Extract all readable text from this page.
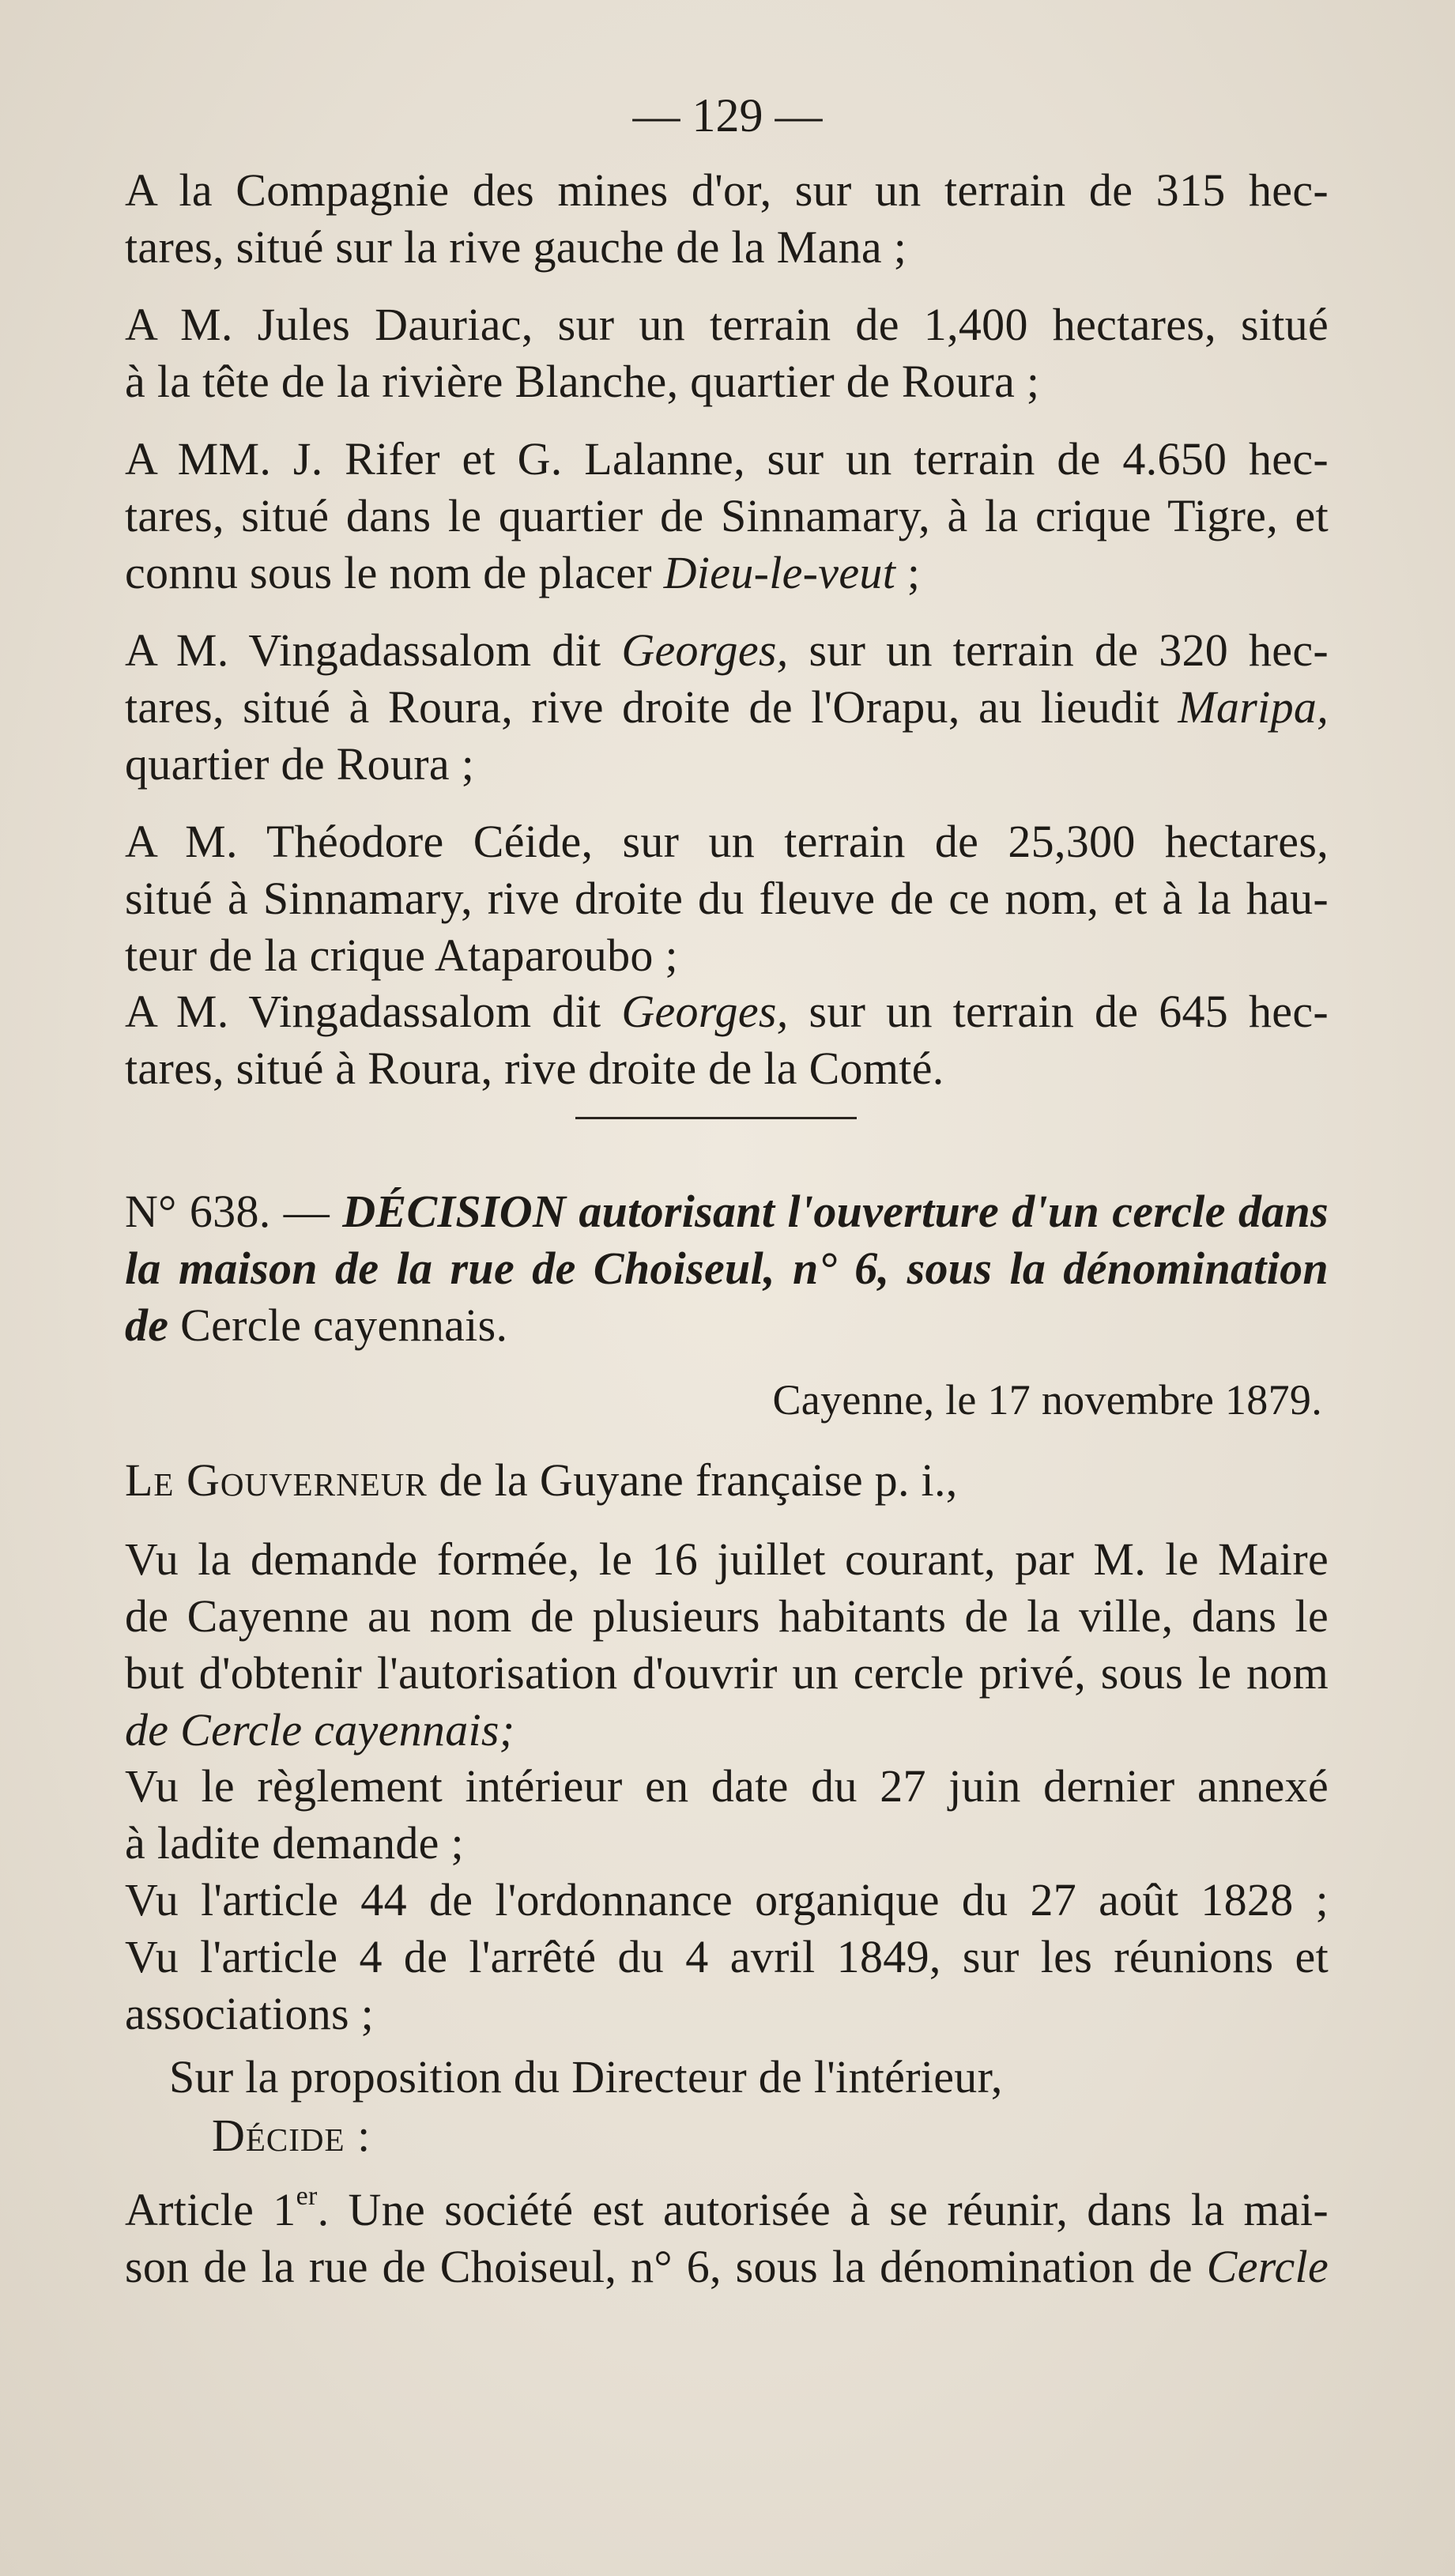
— 129 —
A la Compagnie des mines d'or, sur un terrain de 315 hec-
tares, situé sur la rive gauche de la Mana ;
A M. Jules Dauriac, sur un terrain de 1,400 hectares, situé
à la tête de la rivière Blanche, quartier de Roura ;
A MM. J. Rifer et G. Lalanne, sur un terrain de 4.650 hec-
tares, situé dans le quartier de Sinnamary, à la crique Tigre, et
connu sous le nom de placer Dieu-le-veut ;
A M. Vingadassalom dit Georges, sur un terrain de 320 hec-
tares, situé à Roura, rive droite de l'Orapu, au lieudit Maripa,
quartier de Roura ;
A M. Théodore Céide, sur un terrain de 25,300 hectares,
situé à Sinnamary, rive droite du fleuve de ce nom, et à la hau-
teur de la crique Ataparoubo ;
A M. Vingadassalom dit Georges, sur un terrain de 645 hec-
tares, situé à Roura, rive droite de la Comté.
N° 638. — DÉCISION autorisant l'ouverture d'un cercle dans
la maison de la rue de Choiseul, n° 6, sous la dénomination
de Cercle cayennais.
Cayenne, le 17 novembre 1879.
Le Gouverneur de la Guyane française p. i.,
Vu la demande formée, le 16 juillet courant, par M. le Maire
de Cayenne au nom de plusieurs habitants de la ville, dans le
but d'obtenir l'autorisation d'ouvrir un cercle privé, sous le nom
de Cercle cayennais;
Vu le règlement intérieur en date du 27 juin dernier annexé
à ladite demande ;
Vu l'article 44 de l'ordonnance organique du 27 août 1828 ;
Vu l'article 4 de l'arrêté du 4 avril 1849, sur les réunions et
associations ;
Sur la proposition du Directeur de l'intérieur,
Décide :
Article 1er. Une société est autorisée à se réunir, dans la mai-
son de la rue de Choiseul, n° 6, sous la dénomination de Cercle
